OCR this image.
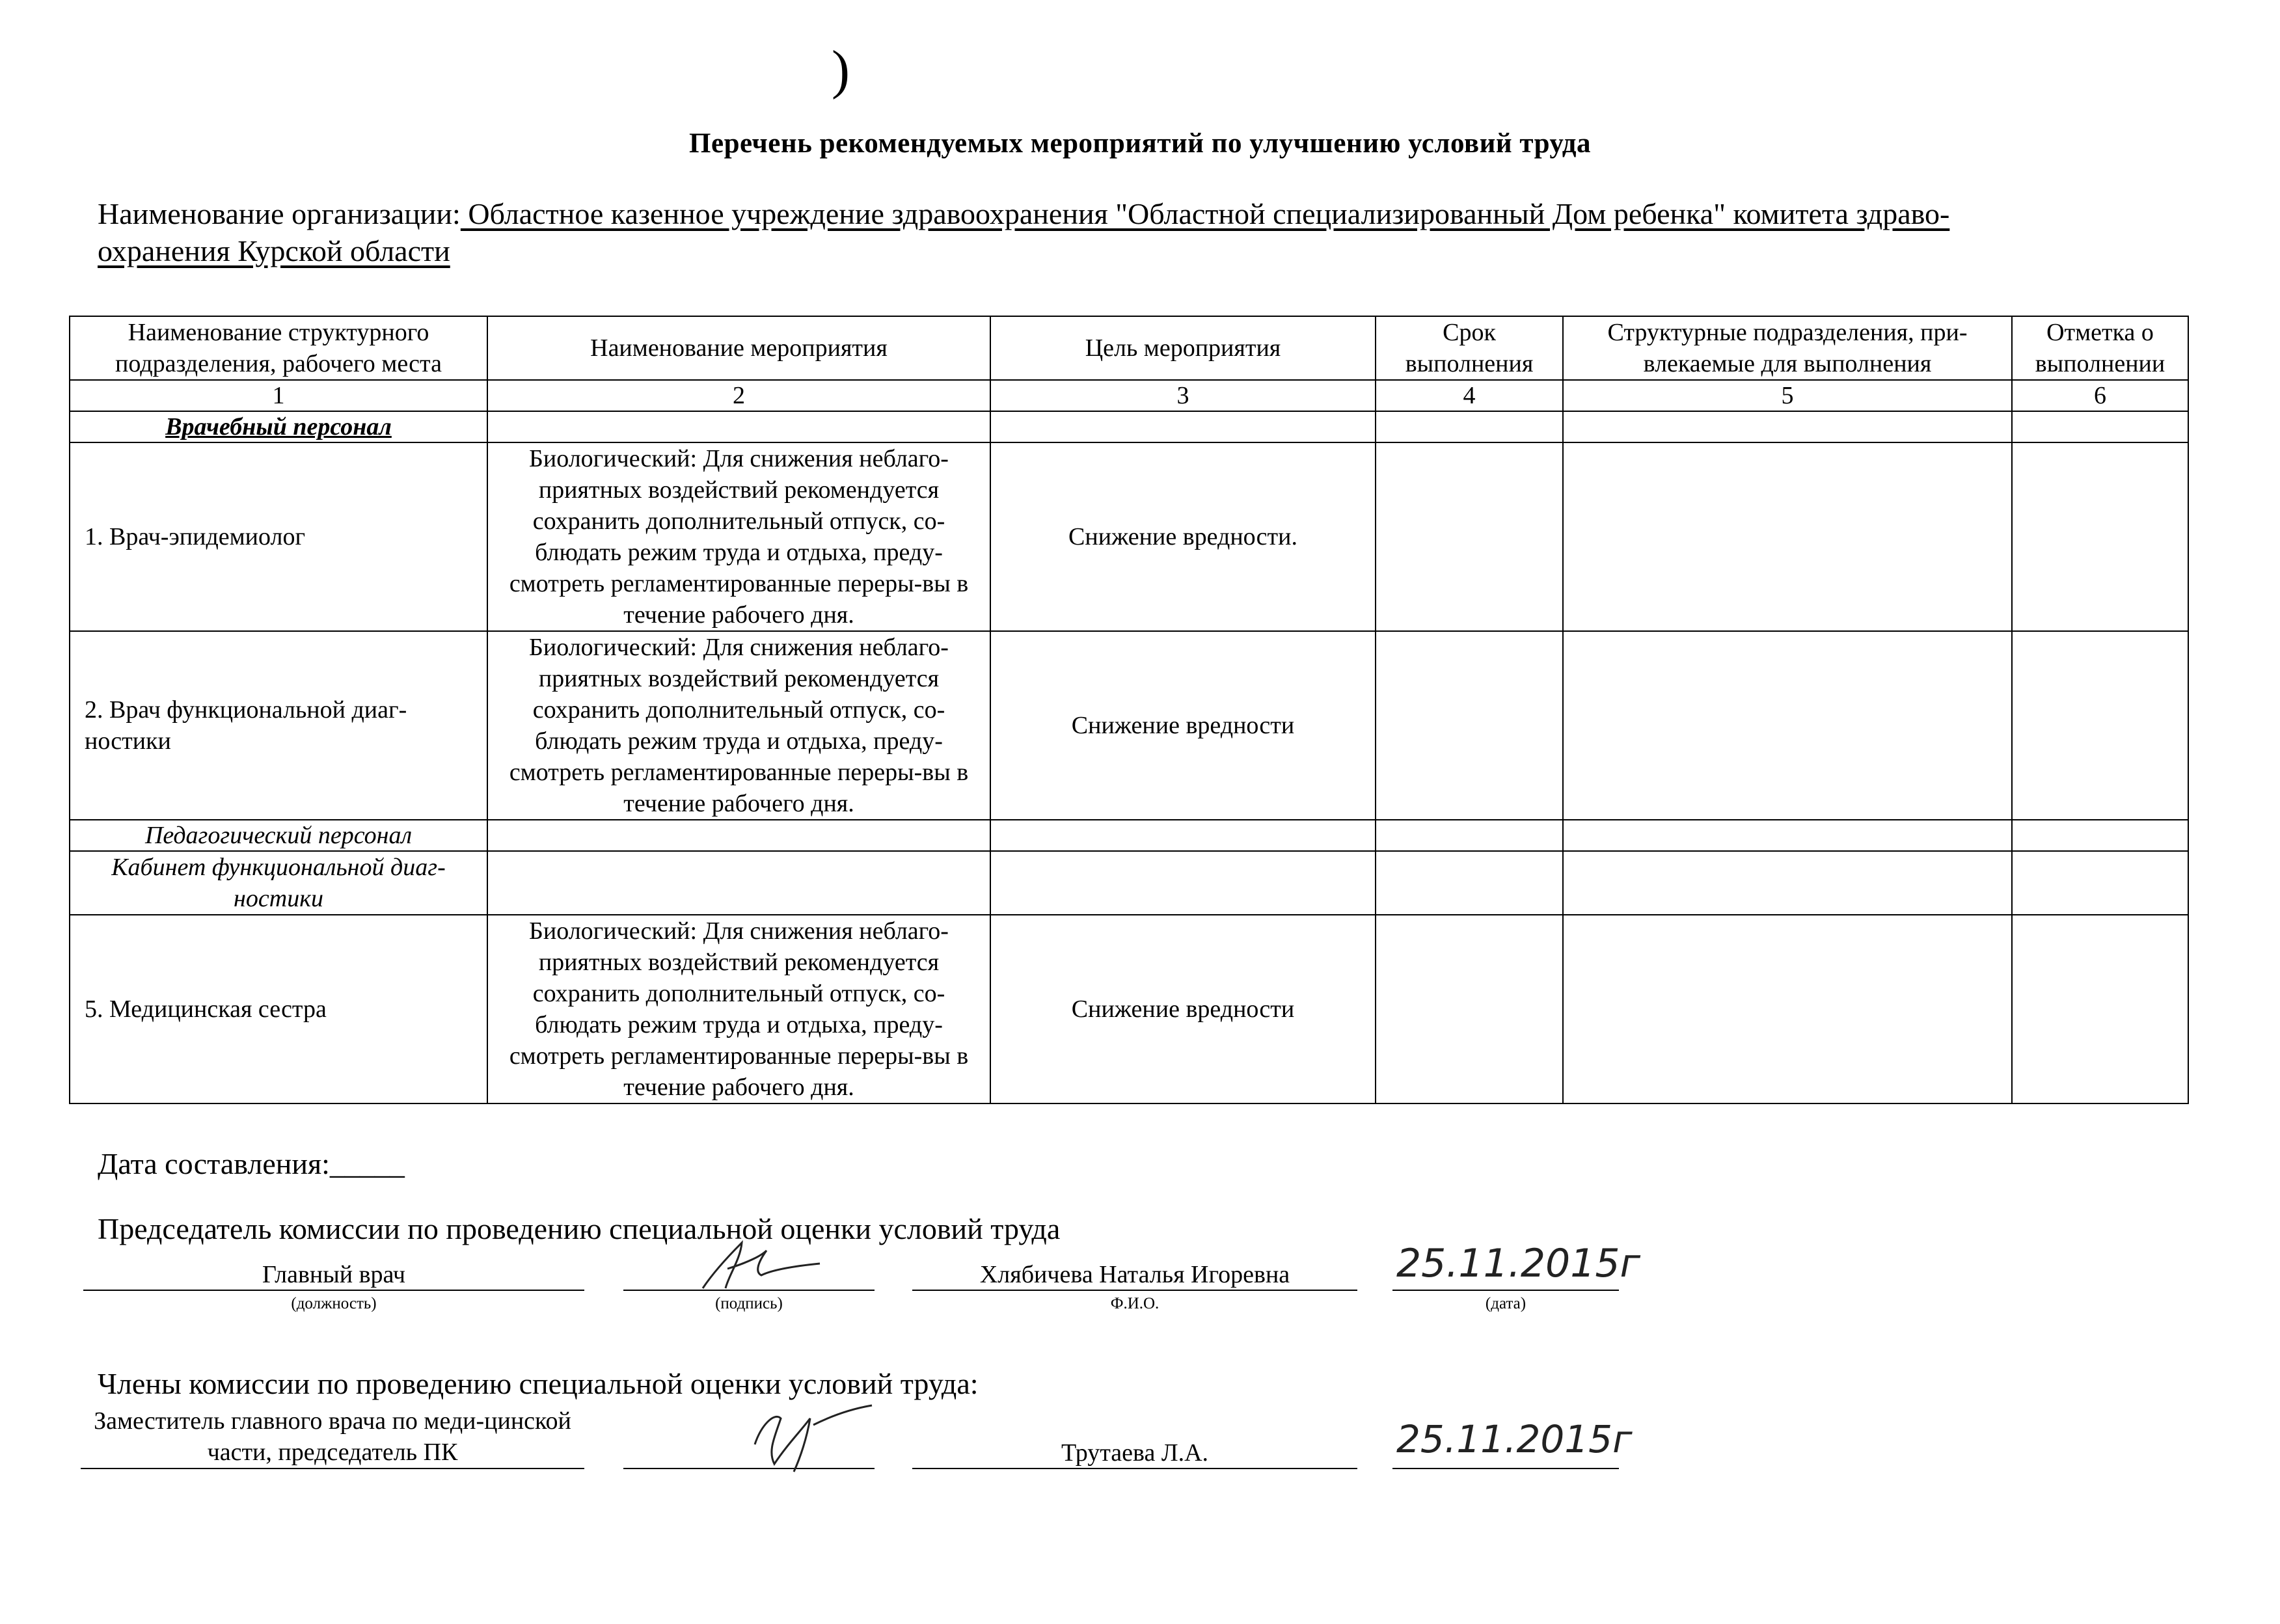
)
Перечень рекомендуемых мероприятий по улучшению условий труда
Наименование организации: Областное казенное учреждение здравоохранения "Областной специализированный Дом ребенка" комитета здраво-
охранения Курской области
Наименование структурного подразделения, рабочего места	Наименование мероприятия	Цель мероприятия	Срок выполнения	Структурные подразделения, при-влекаемые для выполнения	Отметка о выполнении
1	2	3	4	5	6
Врачебный персонал					
1. Врач-эпидемиолог	Биологический: Для снижения неблаго-приятных воздействий рекомендуется сохранить дополнительный отпуск, со-блюдать режим труда и отдыха, преду-смотреть регламентированные переры-вы в течение рабочего дня.	Снижение вредности.			
2. Врач функциональной диаг-ностики	Биологический: Для снижения неблаго-приятных воздействий рекомендуется сохранить дополнительный отпуск, со-блюдать режим труда и отдыха, преду-смотреть регламентированные переры-вы в течение рабочего дня.	Снижение вредности			
Педагогический персонал					
Кабинет функциональной диаг-ностики					
5. Медицинская сестра	Биологический: Для снижения неблаго-приятных воздействий рекомендуется сохранить дополнительный отпуск, со-блюдать режим труда и отдыха, преду-смотреть регламентированные переры-вы в течение рабочего дня.	Снижение вредности			
Дата составления:_____
Председатель комиссии по проведению специальной оценки условий труда
Главный врач
(должность)	(подпись)
Хлябичева Наталья Игоревна
Ф.И.О.
25.11.2015г
(дата)
Члены комиссии по проведению специальной оценки условий труда:
Заместитель главного врача по меди-цинской части, председатель ПК	Трутаева Л.А.	25.11.2015г
